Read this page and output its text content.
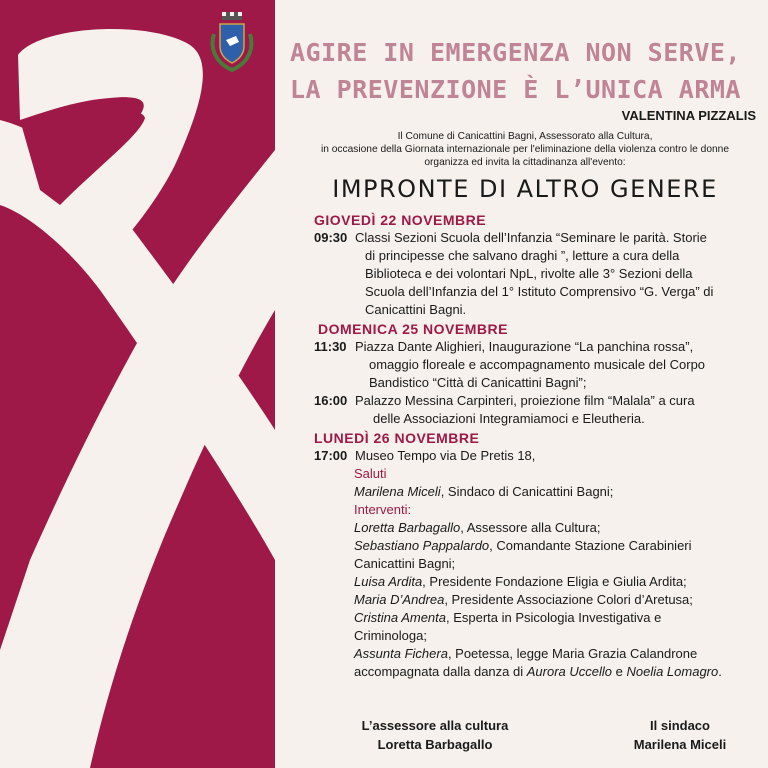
AGIRE IN EMERGENZA NON SERVE,
LA PREVENZIONE È L’UNICA ARMA
VALENTINA PIZZALIS
Il Comune di Canicattini Bagni, Assessorato alla Cultura,
in occasione della Giornata internazionale per l'eliminazione della violenza contro le donne
organizza ed invita la cittadinanza all'evento:
IMPRONTE DI ALTRO GENERE
GIOVEDÌ 22 NOVEMBRE
09:30 Classi Sezioni Scuola dell’Infanzia “Seminare le parità. Storie
di principesse che salvano draghi ”, letture a cura della
Biblioteca e dei volontari NpL, rivolte alle 3° Sezioni della
Scuola dell’Infanzia del 1° Istituto Comprensivo “G. Verga” di
Canicattini Bagni.
DOMENICA 25 NOVEMBRE
11:30 Piazza Dante Alighieri, Inaugurazione “La panchina rossa”,
omaggio floreale e accompagnamento musicale del Corpo
Bandistico “Città di Canicattini Bagni”;
16:00 Palazzo Messina Carpinteri, proiezione film “Malala” a cura
delle Associazioni Integramiamoci e Eleutheria.
LUNEDÌ 26 NOVEMBRE
17:00 Museo Tempo via De Pretis 18,
Saluti
Marilena Miceli, Sindaco di Canicattini Bagni;
Interventi:
Loretta Barbagallo, Assessore alla Cultura;
Sebastiano Pappalardo, Comandante Stazione Carabinieri
Canicattini Bagni;
Luisa Ardita, Presidente Fondazione Eligia e Giulia Ardita;
Maria D’Andrea, Presidente Associazione Colori d’Aretusa;
Cristina Amenta, Esperta in Psicologia Investigativa e
Criminologa;
Assunta Fichera, Poetessa, legge Maria Grazia Calandrone
accompagnata dalla danza di Aurora Uccello e Noelia Lomagro.
L’assessore alla cultura
Loretta Barbagallo
Il sindaco
Marilena Miceli
